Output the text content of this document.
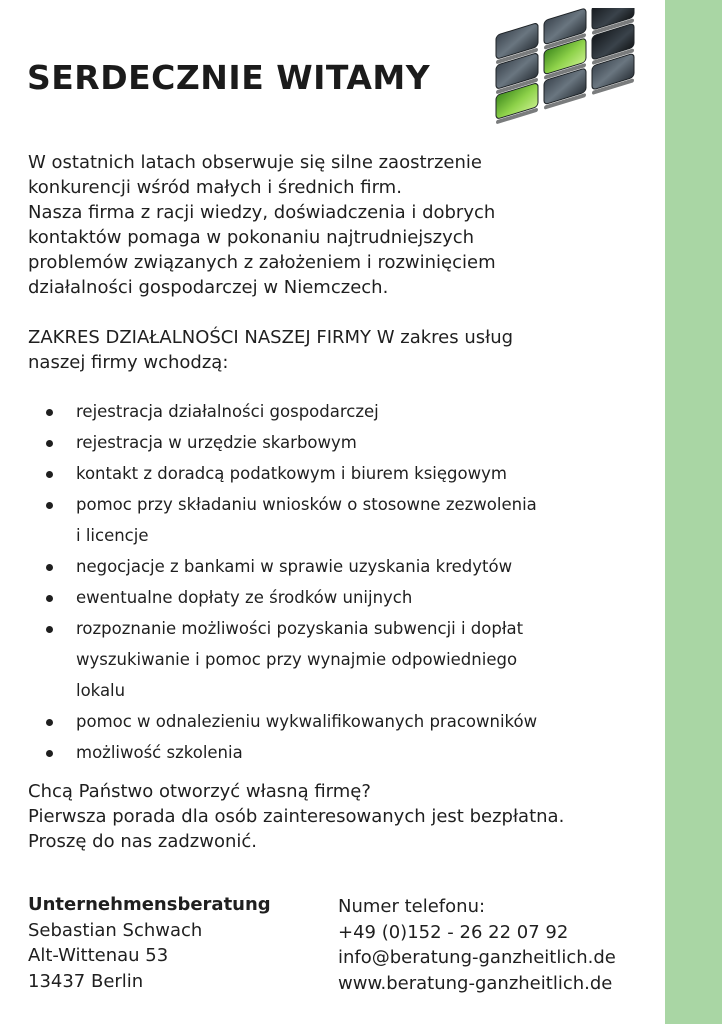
SERDECZNIE WITAMY

W ostatnich latach obserwuje się silne zaostrzenie

konkurencji wśród małych i średnich firm.

Nasza firma z racji wiedzy, doświadczenia i dobrych

kontaktów pomaga w pokonaniu najtrudniejszych

problemów związanych z założeniem i rozwinięciem

działalności gospodarczej w Niemczech.

ZAKRES DZIAŁALNOŚCI NASZEJ FIRMY W zakres usług
naszej firmy wchodzą:
rejestracja działalności gospodarczej
rejestracja w urzędzie skarbowym
kontakt z doradcą podatkowym i biurem księgowym
pomoc przy składaniu wniosków o stosowne zezwolenia
i licencje
negocjacje z bankami w sprawie uzyskania kredytów
ewentualne dopłaty ze środków unijnych
rozpoznanie możliwości pozyskania subwencji i dopłat
wyszukiwanie i pomoc przy wynajmie odpowiedniego
lokalu
pomoc w odnalezieniu wykwalifikowanych pracowników
możliwość szkolenia

Chcą Państwo otworzyć własną firmę?

Pierwsza porada dla osób zainteresowanych jest bezpłatna.

Proszę do nas zadzwonić.

Unternehmensberatung
Sebastian Schwach
Alt-Wittenau 53
13437 Berlin
Numer telefonu:
+49 (0)152 - 26 22 07 92
info@beratung-ganzheitlich.de
www.beratung-ganzheitlich.de
